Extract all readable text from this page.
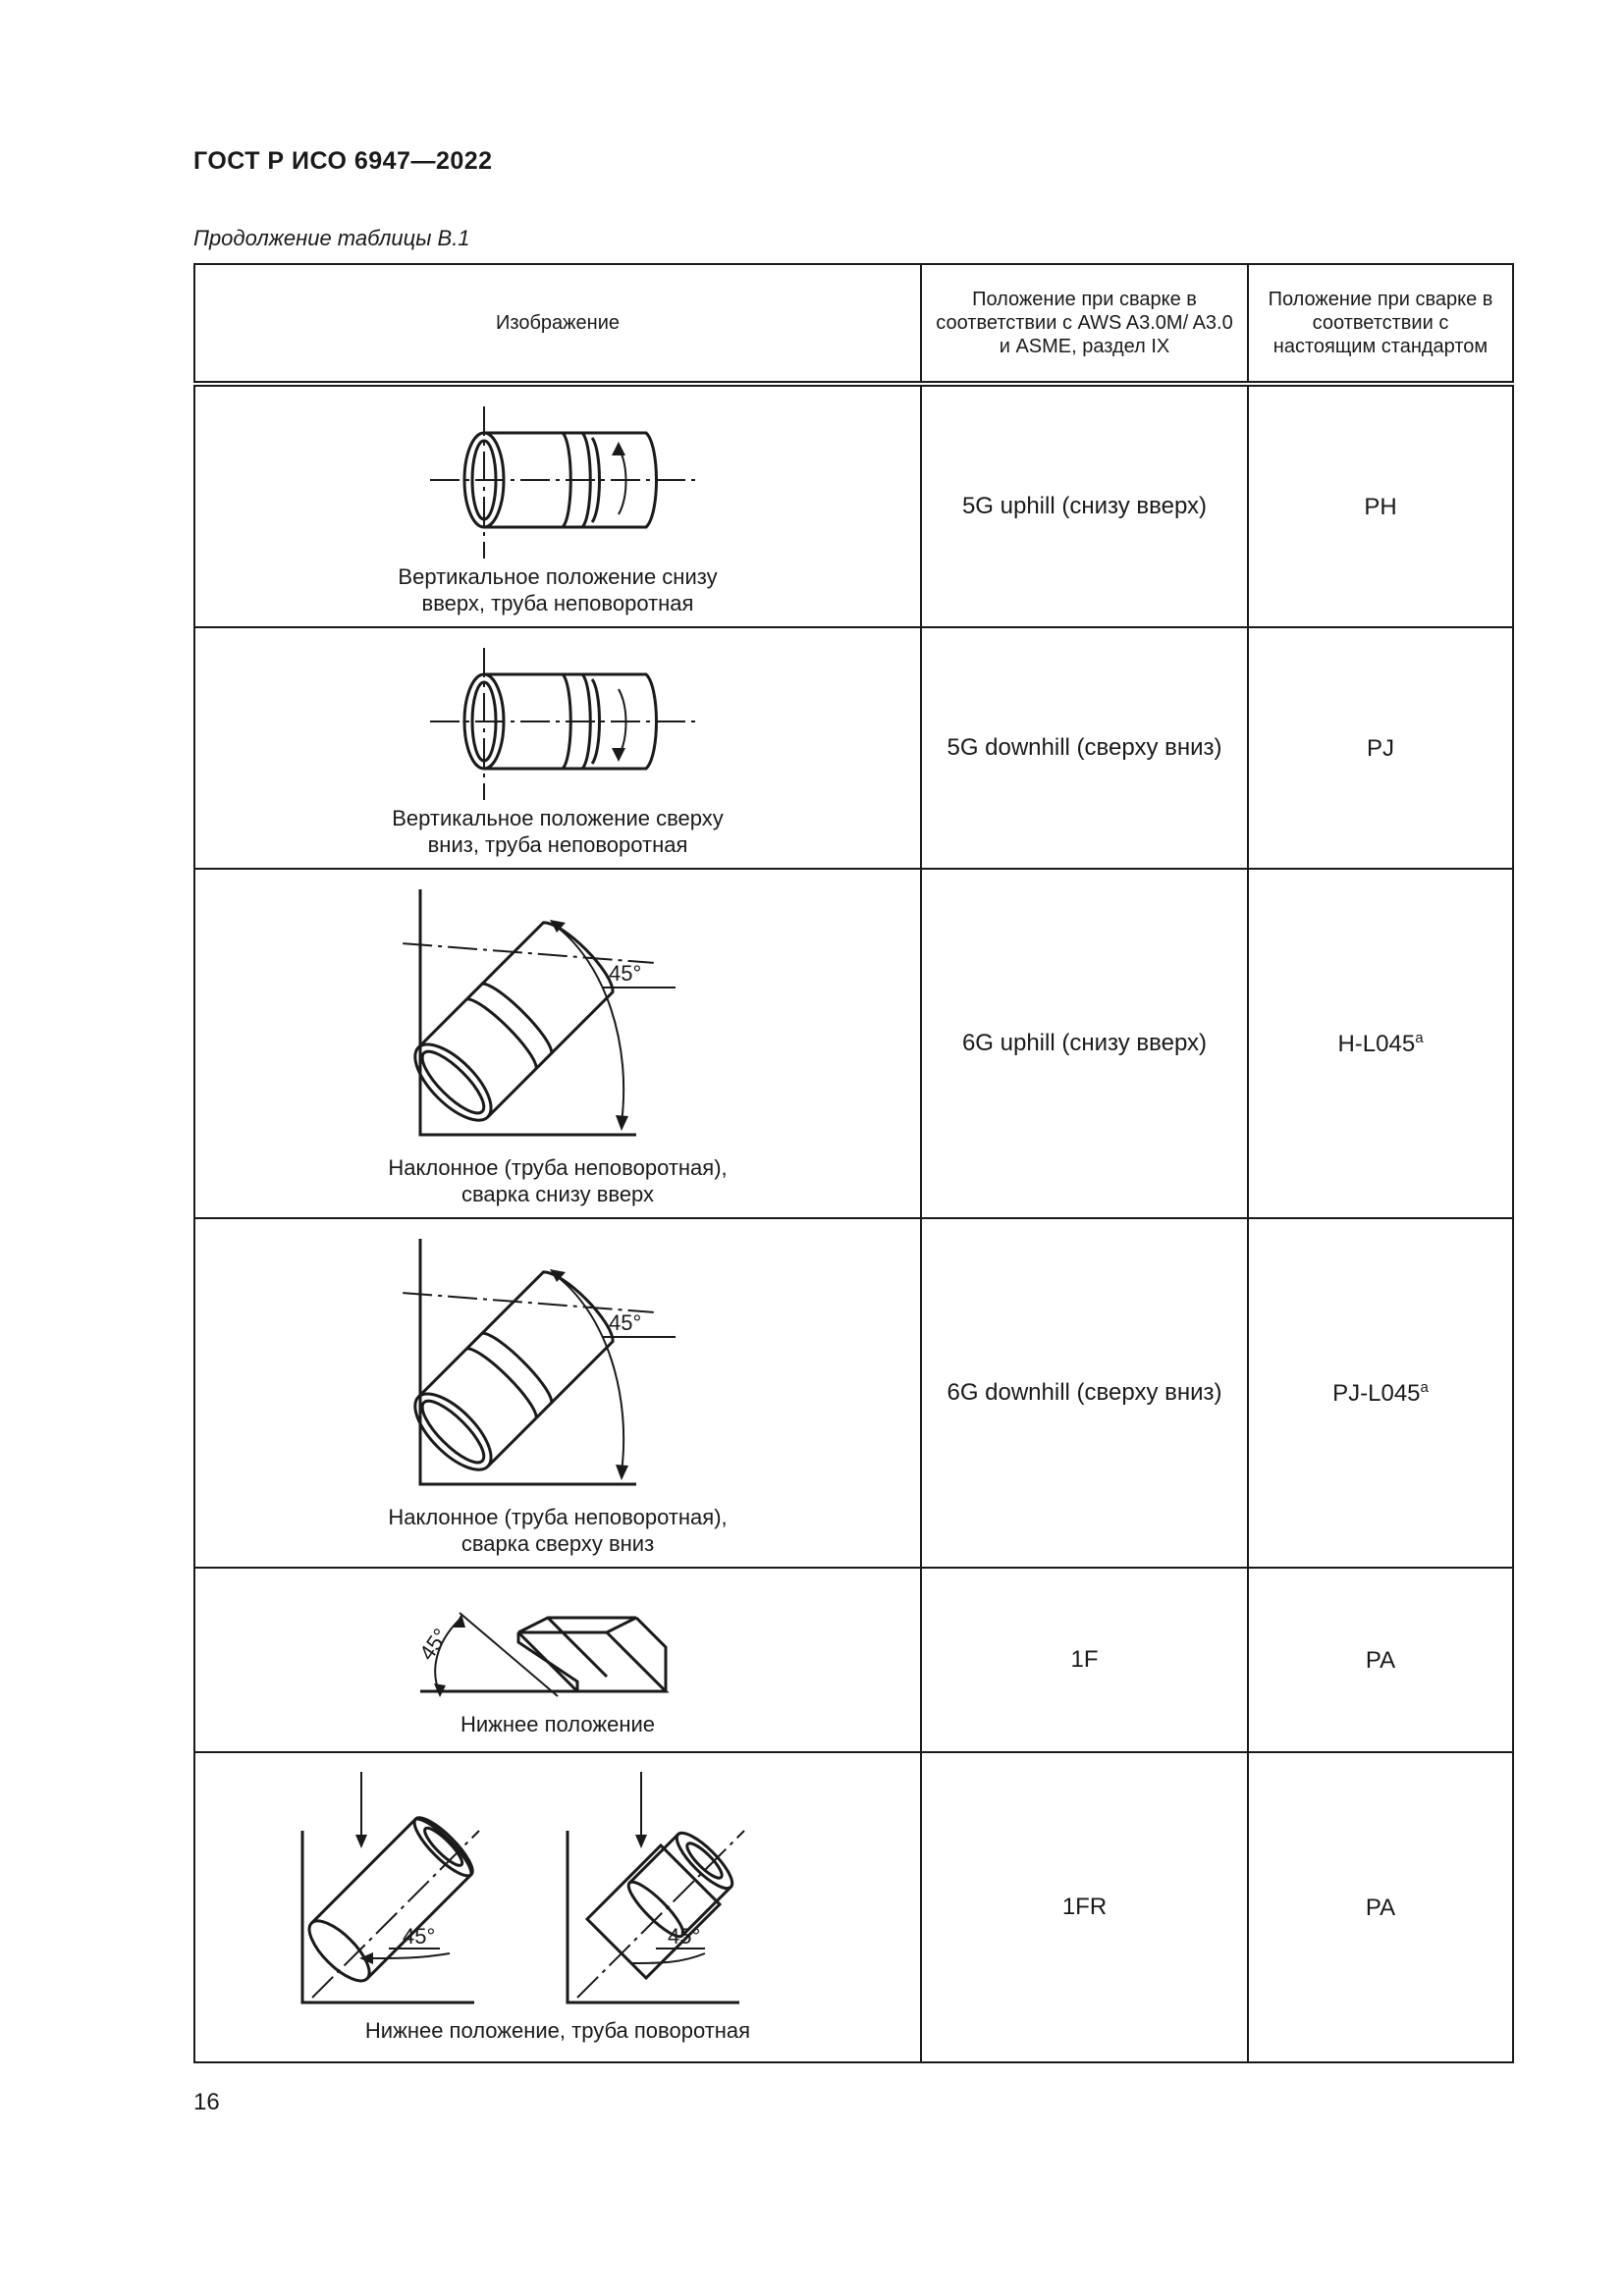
ГОСТ Р ИСО 6947—2022
Продолжение таблицы B.1
Изображение	Положение при сварке в соответствии с AWS A3.0M/ A3.0 и ASME, раздел IX	Положение при сварке в соответствии с настоящим стандартом

Вертикальное положение снизу
вверх, труба неповоротная	5G uphill (снизу вверх)	PH

Вертикальное положение сверху
вниз, труба неповоротная	5G downhill (сверху вниз)	PJ

45°
Наклонное (труба неповоротная),
сварка снизу вверх	6G uphill (снизу вверх)	H-L045$^a$

45°
Наклонное (труба неповоротная),
сварка сверху вниз	6G downhill (сверху вниз)	PJ-L045$^a$

45°
Нижнее положение	1F	PA

45° 45°
Нижнее положение, труба поворотная	1FR	PA
16
